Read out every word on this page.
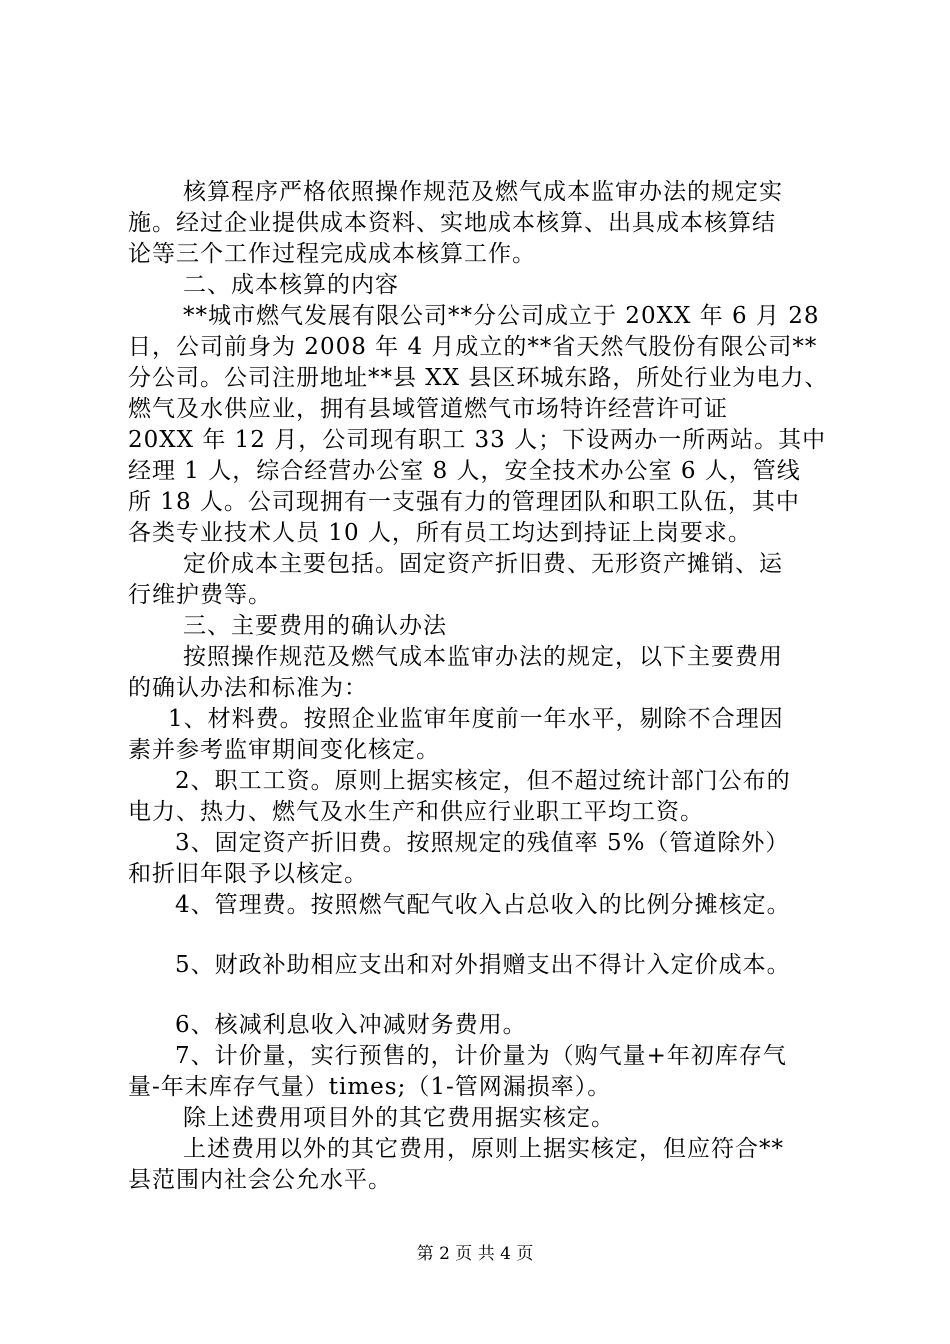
核算程序严格依照操作规范及燃气成本监审办法的规定实

施。经过企业提供成本资料、实地成本核算、出具成本核算结

论等三个工作过程完成成本核算工作。

二、成本核算的内容

**城市燃气发展有限公司**分公司成立于 20XX 年 6 月 28

日，公司前身为 2008 年 4 月成立的**省天然气股份有限公司**

分公司。公司注册地址**县 XX 县区环城东路，所处行业为电力、

燃气及水供应业，拥有县域管道燃气市场特许经营许可证

20XX 年 12 月，公司现有职工 33 人；下设两办一所两站。其中

经理 1 人，综合经营办公室 8 人，安全技术办公室 6 人，管线

所 18 人。公司现拥有一支强有力的管理团队和职工队伍，其中

各类专业技术人员 10 人，所有员工均达到持证上岗要求。

定价成本主要包括。固定资产折旧费、无形资产摊销、运

行维护费等。

三、主要费用的确认办法

按照操作规范及燃气成本监审办法的规定，以下主要费用

的确认办法和标准为：

1、材料费。按照企业监审年度前一年水平，剔除不合理因

素并参考监审期间变化核定。

2、职工工资。原则上据实核定，但不超过统计部门公布的

电力、热力、燃气及水生产和供应行业职工平均工资。

3、固定资产折旧费。按照规定的残值率 5%（管道除外）

和折旧年限予以核定。

4、管理费。按照燃气配气收入占总收入的比例分摊核定。

5、财政补助相应支出和对外捐赠支出不得计入定价成本。

6、核减利息收入冲减财务费用。

7、计价量，实行预售的，计价量为（购气量+年初库存气

量-年末库存气量）times;（1-管网漏损率）。

除上述费用项目外的其它费用据实核定。

上述费用以外的其它费用，原则上据实核定，但应符合**

县范围内社会公允水平。

第 2 页 共 4 页
